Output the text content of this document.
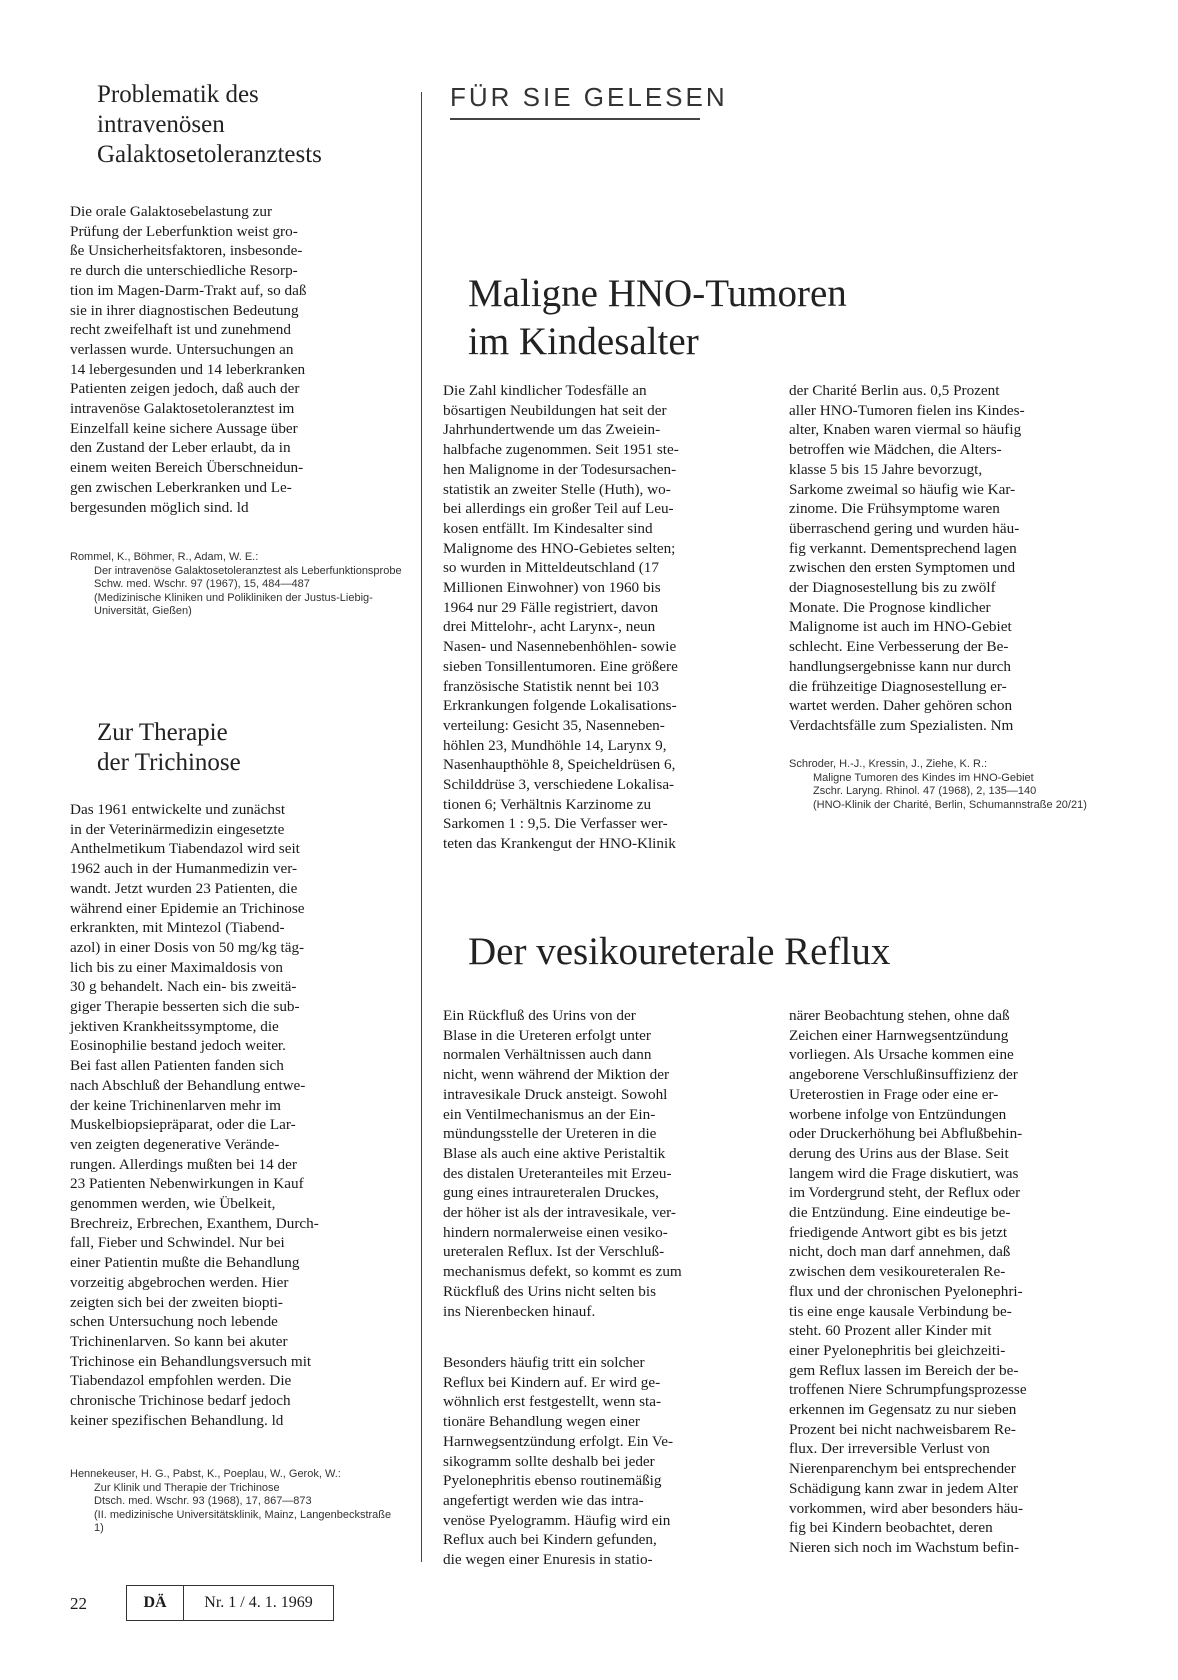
Problematik des
intravenösen
Galaktosetoleranztests
Die orale Galaktosebelastung zur
Prüfung der Leberfunktion weist gro-
ße Unsicherheitsfaktoren, insbesonde-
re durch die unterschiedliche Resorp-
tion im Magen-Darm-Trakt auf, so daß
sie in ihrer diagnostischen Bedeutung
recht zweifelhaft ist und zunehmend
verlassen wurde. Untersuchungen an
14 lebergesunden und 14 leberkranken
Patienten zeigen jedoch, daß auch der
intravenöse Galaktosetoleranztest im
Einzelfall keine sichere Aussage über
den Zustand der Leber erlaubt, da in
einem weiten Bereich Überschneidun-
gen zwischen Leberkranken und Le-
bergesunden möglich sind. ld
Rommel, K., Böhmer, R., Adam, W. E.:
Der intravenöse Galaktosetoleranztest als Leberfunktionsprobe
Schw. med. Wschr. 97 (1967), 15, 484—487
(Medizinische Kliniken und Polikliniken der Justus-Liebig-Universität, Gießen)
Zur Therapie
der Trichinose
Das 1961 entwickelte und zunächst
in der Veterinärmedizin eingesetzte
Anthelmetikum Tiabendazol wird seit
1962 auch in der Humanmedizin ver-
wandt. Jetzt wurden 23 Patienten, die
während einer Epidemie an Trichinose
erkrankten, mit Mintezol (Tiabend-
azol) in einer Dosis von 50 mg/kg täg-
lich bis zu einer Maximaldosis von
30 g behandelt. Nach ein- bis zweitä-
giger Therapie besserten sich die sub-
jektiven Krankheitssymptome, die
Eosinophilie bestand jedoch weiter.
Bei fast allen Patienten fanden sich
nach Abschluß der Behandlung entwe-
der keine Trichinenlarven mehr im
Muskelbiopsiepräparat, oder die Lar-
ven zeigten degenerative Verände-
rungen. Allerdings mußten bei 14 der
23 Patienten Nebenwirkungen in Kauf
genommen werden, wie Übelkeit,
Brechreiz, Erbrechen, Exanthem, Durch-
fall, Fieber und Schwindel. Nur bei
einer Patientin mußte die Behandlung
vorzeitig abgebrochen werden. Hier
zeigten sich bei der zweiten biopti-
schen Untersuchung noch lebende
Trichinenlarven. So kann bei akuter
Trichinose ein Behandlungsversuch mit
Tiabendazol empfohlen werden. Die
chronische Trichinose bedarf jedoch
keiner spezifischen Behandlung. ld
Hennekeuser, H. G., Pabst, K., Poeplau, W., Gerok, W.:
Zur Klinik und Therapie der Trichinose
Dtsch. med. Wschr. 93 (1968), 17, 867—873
(II. medizinische Universitätsklinik, Mainz, Langenbeckstraße 1)
FÜR SIE GELESEN
Maligne HNO-Tumoren
im Kindesalter
Die Zahl kindlicher Todesfälle an
bösartigen Neubildungen hat seit der
Jahrhundertwende um das Zweiein-
halbfache zugenommen. Seit 1951 ste-
hen Malignome in der Todesursachen-
statistik an zweiter Stelle (Huth), wo-
bei allerdings ein großer Teil auf Leu-
kosen entfällt. Im Kindesalter sind
Malignome des HNO-Gebietes selten;
so wurden in Mitteldeutschland (17
Millionen Einwohner) von 1960 bis
1964 nur 29 Fälle registriert, davon
drei Mittelohr-, acht Larynx-, neun
Nasen- und Nasennebenhöhlen- sowie
sieben Tonsillentumoren. Eine größere
französische Statistik nennt bei 103
Erkrankungen folgende Lokalisations-
verteilung: Gesicht 35, Nasenneben-
höhlen 23, Mundhöhle 14, Larynx 9,
Nasenhaupthöhle 8, Speicheldrüsen 6,
Schilddrüse 3, verschiedene Lokalisa-
tionen 6; Verhältnis Karzinome zu
Sarkomen 1 : 9,5. Die Verfasser wer-
teten das Krankengut der HNO-Klinik
der Charité Berlin aus. 0,5 Prozent
aller HNO-Tumoren fielen ins Kindes-
alter, Knaben waren viermal so häufig
betroffen wie Mädchen, die Alters-
klasse 5 bis 15 Jahre bevorzugt,
Sarkome zweimal so häufig wie Kar-
zinome. Die Frühsymptome waren
überraschend gering und wurden häu-
fig verkannt. Dementsprechend lagen
zwischen den ersten Symptomen und
der Diagnosestellung bis zu zwölf
Monate. Die Prognose kindlicher
Malignome ist auch im HNO-Gebiet
schlecht. Eine Verbesserung der Be-
handlungsergebnisse kann nur durch
die frühzeitige Diagnosestellung er-
wartet werden. Daher gehören schon
Verdachtsfälle zum Spezialisten. Nm
Schroder, H.-J., Kressin, J., Ziehe, K. R.:
Maligne Tumoren des Kindes im HNO-Gebiet
Zschr. Laryng. Rhinol. 47 (1968), 2, 135—140
(HNO-Klinik der Charité, Berlin, Schumannstraße 20/21)
Der vesikoureterale Reflux
Ein Rückfluß des Urins von der
Blase in die Ureteren erfolgt unter
normalen Verhältnissen auch dann
nicht, wenn während der Miktion der
intravesikale Druck ansteigt. Sowohl
ein Ventilmechanismus an der Ein-
mündungsstelle der Ureteren in die
Blase als auch eine aktive Peristaltik
des distalen Ureteranteiles mit Erzeu-
gung eines intraureteralen Druckes,
der höher ist als der intravesikale, ver-
hindern normalerweise einen vesiko-
ureteralen Reflux. Ist der Verschluß-
mechanismus defekt, so kommt es zum
Rückfluß des Urins nicht selten bis
ins Nierenbecken hinauf.
Besonders häufig tritt ein solcher
Reflux bei Kindern auf. Er wird ge-
wöhnlich erst festgestellt, wenn sta-
tionäre Behandlung wegen einer
Harnwegsentzündung erfolgt. Ein Ve-
sikogramm sollte deshalb bei jeder
Pyelonephritis ebenso routinemäßig
angefertigt werden wie das intra-
venöse Pyelogramm. Häufig wird ein
Reflux auch bei Kindern gefunden,
die wegen einer Enuresis in statio-
närer Beobachtung stehen, ohne daß
Zeichen einer Harnwegsentzündung
vorliegen. Als Ursache kommen eine
angeborene Verschlußinsuffizienz der
Ureterostien in Frage oder eine er-
worbene infolge von Entzündungen
oder Druckerhöhung bei Abflußbehin-
derung des Urins aus der Blase. Seit
langem wird die Frage diskutiert, was
im Vordergrund steht, der Reflux oder
die Entzündung. Eine eindeutige be-
friedigende Antwort gibt es bis jetzt
nicht, doch man darf annehmen, daß
zwischen dem vesikoureteralen Re-
flux und der chronischen Pyelonephri-
tis eine enge kausale Verbindung be-
steht. 60 Prozent aller Kinder mit
einer Pyelonephritis bei gleichzeiti-
gem Reflux lassen im Bereich der be-
troffenen Niere Schrumpfungsprozesse
erkennen im Gegensatz zu nur sieben
Prozent bei nicht nachweisbarem Re-
flux. Der irreversible Verlust von
Nierenparenchym bei entsprechender
Schädigung kann zwar in jedem Alter
vorkommen, wird aber besonders häu-
fig bei Kindern beobachtet, deren
Nieren sich noch im Wachstum befin-
22	DÄ	Nr. 1 / 4. 1. 1969
